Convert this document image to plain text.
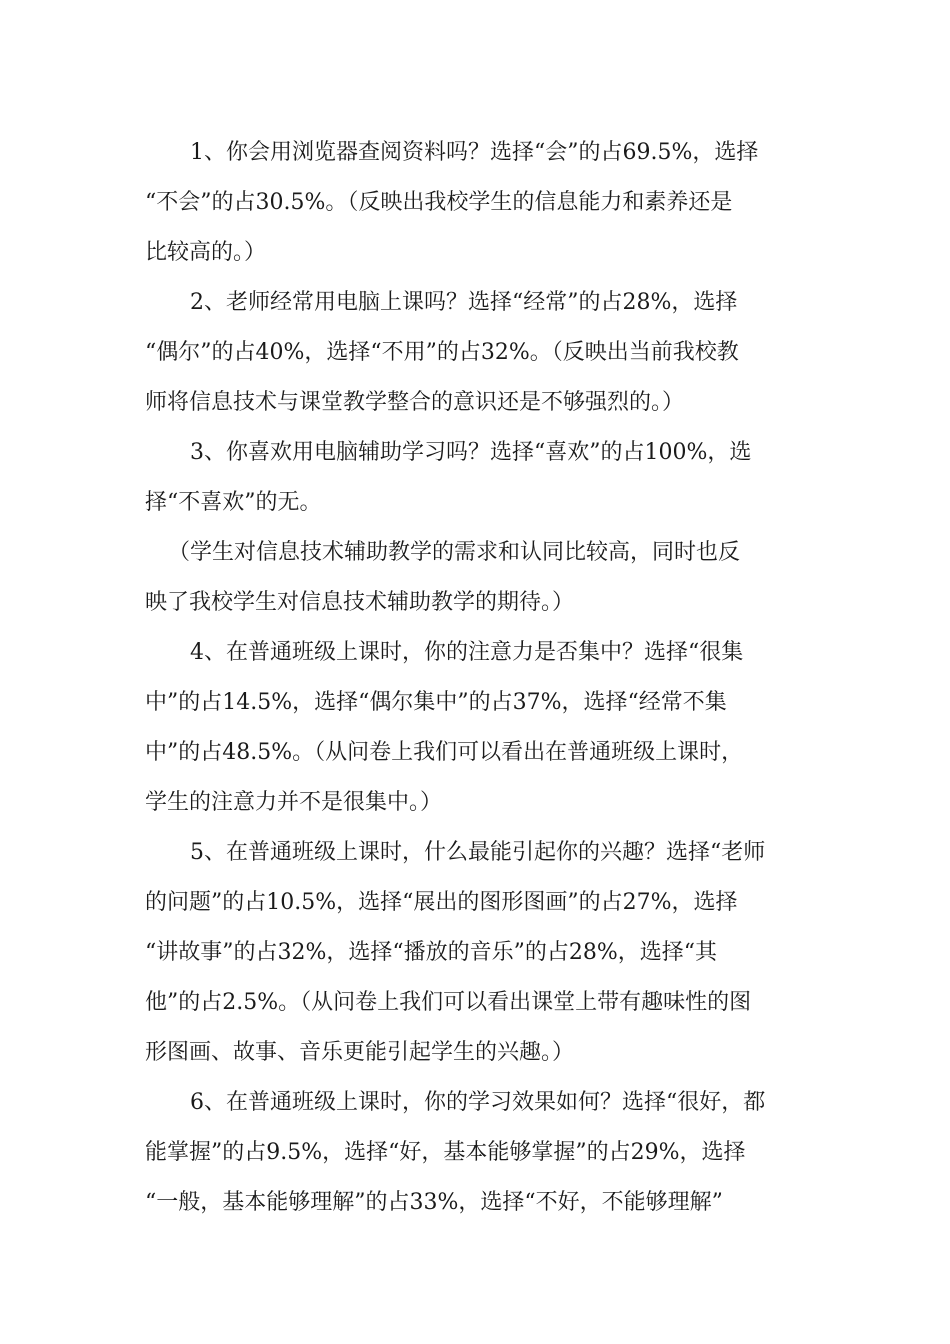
1、你会用浏览器查阅资料吗？选择“会”的占69.5%，选择
“不会”的占30.5%。（反映出我校学生的信息能力和素养还是
比较高的。）
2、老师经常用电脑上课吗？选择“经常”的占28%，选择
“偶尔”的占40%，选择“不用”的占32%。（反映出当前我校教
师将信息技术与课堂教学整合的意识还是不够强烈的。）
3、你喜欢用电脑辅助学习吗？选择“喜欢”的占100%，选
择“不喜欢”的无。
（学生对信息技术辅助教学的需求和认同比较高，同时也反
映了我校学生对信息技术辅助教学的期待。）
4、在普通班级上课时，你的注意力是否集中？选择“很集
中”的占14.5%，选择“偶尔集中”的占37%，选择“经常不集
中”的占48.5%。（从问卷上我们可以看出在普通班级上课时，
学生的注意力并不是很集中。）
5、在普通班级上课时，什么最能引起你的兴趣？选择“老师
的问题”的占10.5%，选择“展出的图形图画”的占27%，选择
“讲故事”的占32%，选择“播放的音乐”的占28%，选择“其
他”的占2.5%。（从问卷上我们可以看出课堂上带有趣味性的图
形图画、故事、音乐更能引起学生的兴趣。）
6、在普通班级上课时，你的学习效果如何？选择“很好，都
能掌握”的占9.5%，选择“好，基本能够掌握”的占29%，选择
“一般，基本能够理解”的占33%，选择“不好，不能够理解”
